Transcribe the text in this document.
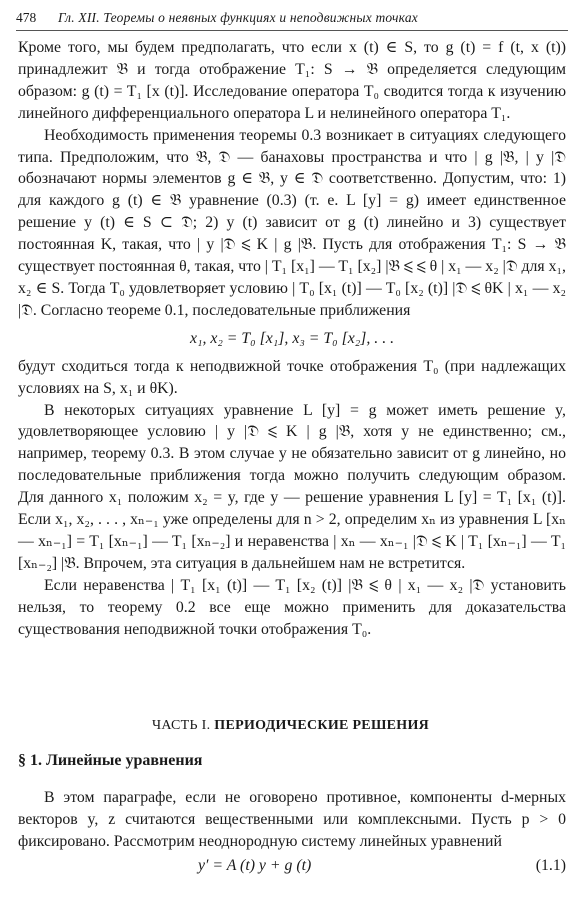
478 Гл. XII. Теоремы о неявных функциях и неподвижных точках

Кроме того, мы будем предполагать, что если x (t) ∈ S, то g (t) = f (t, x (t)) принадлежит 𝔅 и тогда отображение T₁: S → 𝔅 определяется следующим образом: g (t) = T₁ [x (t)]. Исследование оператора T₀ сводится тогда к изучению линейного дифференциального оператора L и нелинейного оператора T₁.

Необходимость применения теоремы 0.3 возникает в ситуациях следующего типа. Предположим, что 𝔅, 𝔇 — банаховы пространства и что | g |𝔅, | y |𝔇 обозначают нормы элементов g ∈ 𝔅, y ∈ 𝔇 соответственно. Допустим, что: 1) для каждого g (t) ∈ 𝔅 уравнение (0.3) (т. е. L [y] = g) имеет единственное решение y (t) ∈ S ⊂ 𝔇; 2) y (t) зависит от g (t) линейно и 3) существует постоянная K, такая, что | y |𝔇 ⩽ K | g |𝔅. Пусть для отображения T₁: S → 𝔅 существует постоянная θ, такая, что | T₁ [x₁] — T₁ [x₂] |𝔅 ⩽ ⩽ θ | x₁ — x₂ |𝔇 для x₁, x₂ ∈ S. Тогда T₀ удовлетворяет условию | T₀ [x₁ (t)] — T₀ [x₂ (t)] |𝔇 ⩽ θK | x₁ — x₂ |𝔇. Согласно теореме 0.1, последовательные приближения

x₁, x₂ = T₀ [x₁], x₃ = T₀ [x₂], . . .

будут сходиться тогда к неподвижной точке отображения T₀ (при надлежащих условиях на S, x₁ и θK).

В некоторых ситуациях уравнение L [y] = g может иметь решение y, удовлетворяющее условию | y |𝔇 ⩽ K | g |𝔅, хотя y не единственно; см., например, теорему 0.3. В этом случае y не обязательно зависит от g линейно, но последовательные приближения тогда можно получить следующим образом. Для данного x₁ положим x₂ = y, где y — решение уравнения L [y] = T₁ [x₁ (t)]. Если x₁, x₂, . . . , xₙ₋₁ уже определены для n > 2, определим xₙ из уравнения L [xₙ — xₙ₋₁] = T₁ [xₙ₋₁] — T₁ [xₙ₋₂] и неравенства | xₙ — xₙ₋₁ |𝔇 ⩽ K | T₁ [xₙ₋₁] — T₁ [xₙ₋₂] |𝔅. Впрочем, эта ситуация в дальнейшем нам не встретится.

Если неравенства | T₁ [x₁ (t)] — T₁ [x₂ (t)] |𝔅 ⩽ θ | x₁ — x₂ |𝔇 установить нельзя, то теорему 0.2 все еще можно применить для доказательства существования неподвижной точки отображения T₀.

ЧАСТЬ I. ПЕРИОДИЧЕСКИЕ РЕШЕНИЯ
§ 1. Линейные уравнения

В этом параграфе, если не оговорено противное, компоненты d-мерных векторов y, z считаются вещественными или комплексными. Пусть p > 0 фиксировано. Рассмотрим неоднородную систему линейных уравнений

y′ = A (t) y + g (t)	(1.1)
